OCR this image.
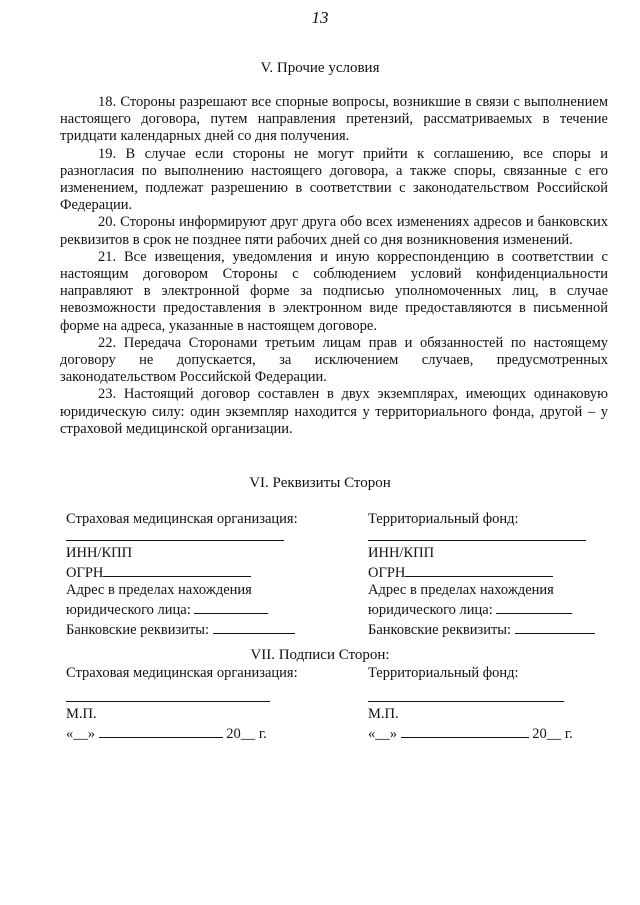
13
V. Прочие условия

18. Стороны разрешают все спорные вопросы, возникшие в связи с выполнением настоящего договора, путем направления претензий, рассматриваемых в течение тридцати календарных дней со дня получения.

19. В случае если стороны не могут прийти к соглашению, все споры и разногласия по выполнению настоящего договора, а также споры, связанные с его изменением, подлежат разрешению в соответствии с законодательством Российской Федерации.

20. Стороны информируют друг друга обо всех изменениях адресов и банковских реквизитов в срок не позднее пяти рабочих дней со дня возникновения изменений.

21. Все извещения, уведомления и иную корреспонденцию в соответствии с настоящим договором Стороны с соблюдением условий конфиденциальности направляют в электронной форме за подписью уполномоченных лиц, в случае невозможности предоставления в электронном виде предоставляются в письменной форме на адреса, указанные в настоящем договоре.

22. Передача Сторонами третьим лицам прав и обязанностей по настоящему договору не допускается, за исключением случаев, предусмотренных законодательством Российской Федерации.

23. Настоящий договор составлен в двух экземплярах, имеющих одинаковую юридическую силу: один экземпляр находится у территориального фонда, другой – у страховой медицинской организации.

VI. Реквизиты Сторон
Страховая медицинская организация:
ИНН/КПП
ОГРН
Адрес в пределах нахождения
юридического лица:
Банковские реквизиты:
Территориальный фонд:
ИНН/КПП
ОГРН
Адрес в пределах нахождения
юридического лица:
Банковские реквизиты:
VII. Подписи Сторон:
Страховая медицинская организация:
М.П.
«__»	20__ г.
Территориальный фонд:
М.П.
«__»	20__ г.
